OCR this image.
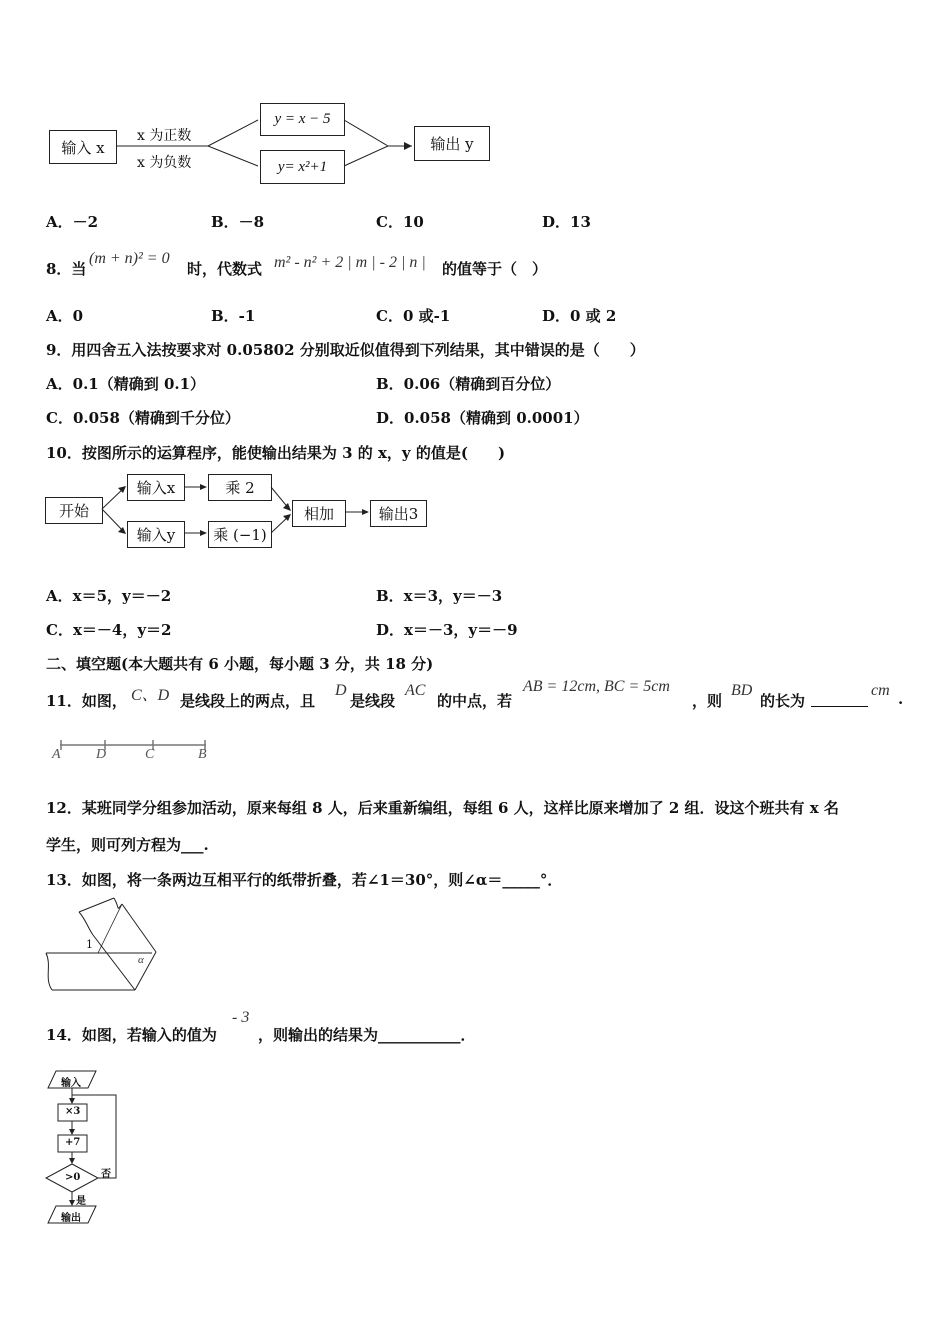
输入 x
x 为正数
x 为负数
y = x − 5
y= x²+1
输出 y
A．－2	B．－8	C．10	D．13
8．当
(m + n)² = 0
时，代数式 m² - n² + 2 | m | - 2 | n | 的值等于（　）
A．0	B．-1	C．0 或-1	D．0 或 2
9．用四舍五入法按要求对 0.05802 分别取近似值得到下列结果，其中错误的是（　　）
A．0.1（精确到 0.1）	B．0.06（精确到百分位）
C．0.058（精确到千分位）	D．0.058（精确到 0.0001）
10．按图所示的运算程序，能使输出结果为 3 的 x，y 的值是(　　)
开始
输入x
输入y
乘 2
乘 (−1)
相加	输出3
A．x＝5，y＝－2	B．x＝3，y＝－3
C．x＝－4，y＝2	D．x＝－3，y＝－9
二、填空题(本大题共有 6 小题，每小题 3 分，共 18 分)
11．如图， C、D 是线段上的两点，且
D
是线段
AC
的中点，若
AB = 12cm, BC = 5cm
，则
BD
的长为
cm .
A	D	C	B
12．某班同学分组参加活动，原来每组 8 人，后来重新编组，每组 6 人，这样比原来增加了 2 组．设这个班共有 x 名
学生，则可列方程为___.
13．如图，将一条两边互相平行的纸带折叠，若∠1＝30°，则∠α＝_____°．
1
α
14．如图，若输入的值为
- 3
，则输出的结果为___________．
输入
×3
+7
>0 否
是
输出
